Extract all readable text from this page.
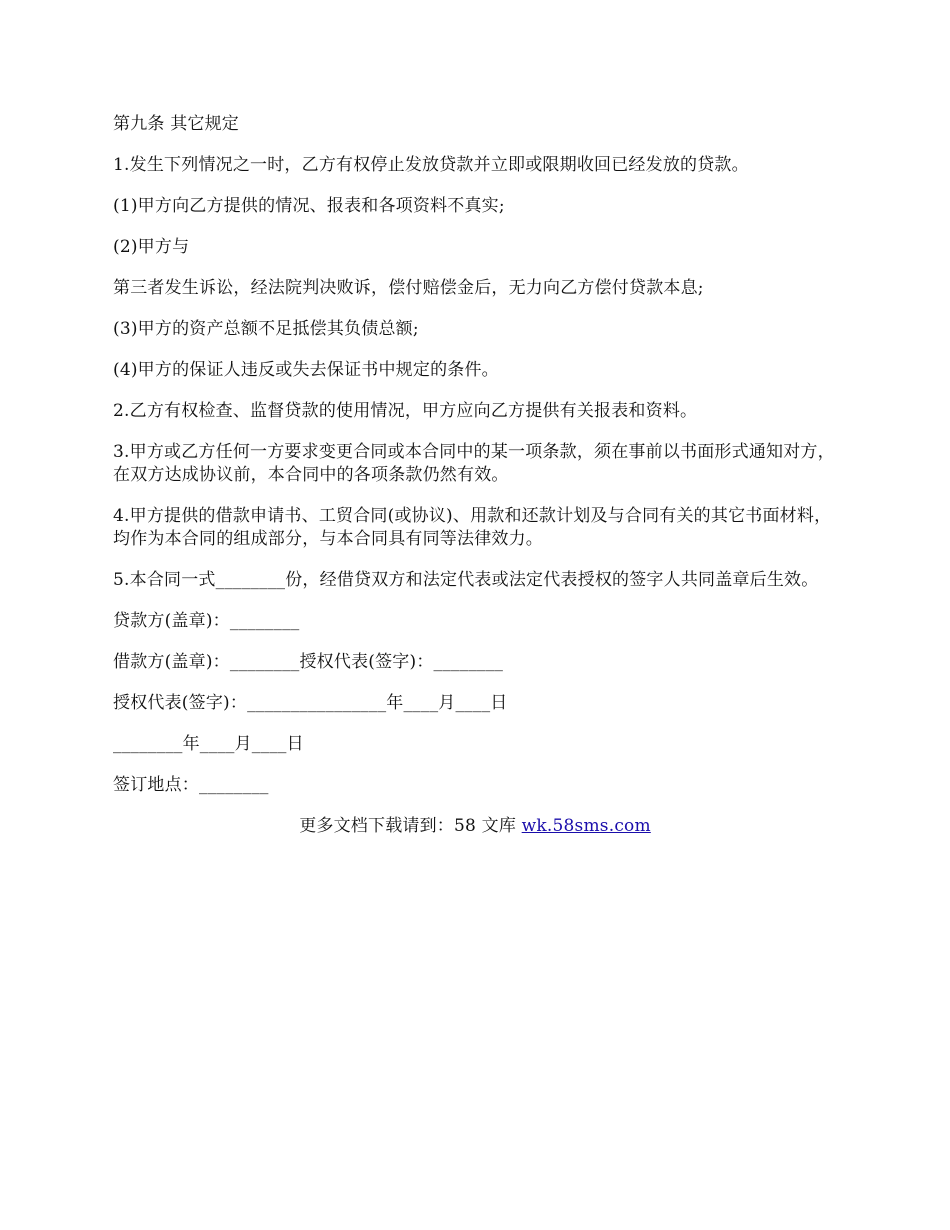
第九条 其它规定

1.发生下列情况之一时，乙方有权停止发放贷款并立即或限期收回已经发放的贷款。

(1)甲方向乙方提供的情况、报表和各项资料不真实;

(2)甲方与

第三者发生诉讼，经法院判决败诉，偿付赔偿金后，无力向乙方偿付贷款本息;

(3)甲方的资产总额不足抵偿其负债总额;

(4)甲方的保证人违反或失去保证书中规定的条件。

2.乙方有权检查、监督贷款的使用情况，甲方应向乙方提供有关报表和资料。

3.甲方或乙方任何一方要求变更合同或本合同中的某一项条款，须在事前以书面形式通知对方，在双方达成协议前，本合同中的各项条款仍然有效。

4.甲方提供的借款申请书、工贸合同(或协议)、用款和还款计划及与合同有关的其它书面材料，均作为本合同的组成部分，与本合同具有同等法律效力。

5.本合同一式________份，经借贷双方和法定代表或法定代表授权的签字人共同盖章后生效。

贷款方(盖章)：________

借款方(盖章)：________授权代表(签字)：________

授权代表(签字)：________________年____月____日

________年____月____日

签订地点：________

更多文档下载请到：58 文库 wk.58sms.com
